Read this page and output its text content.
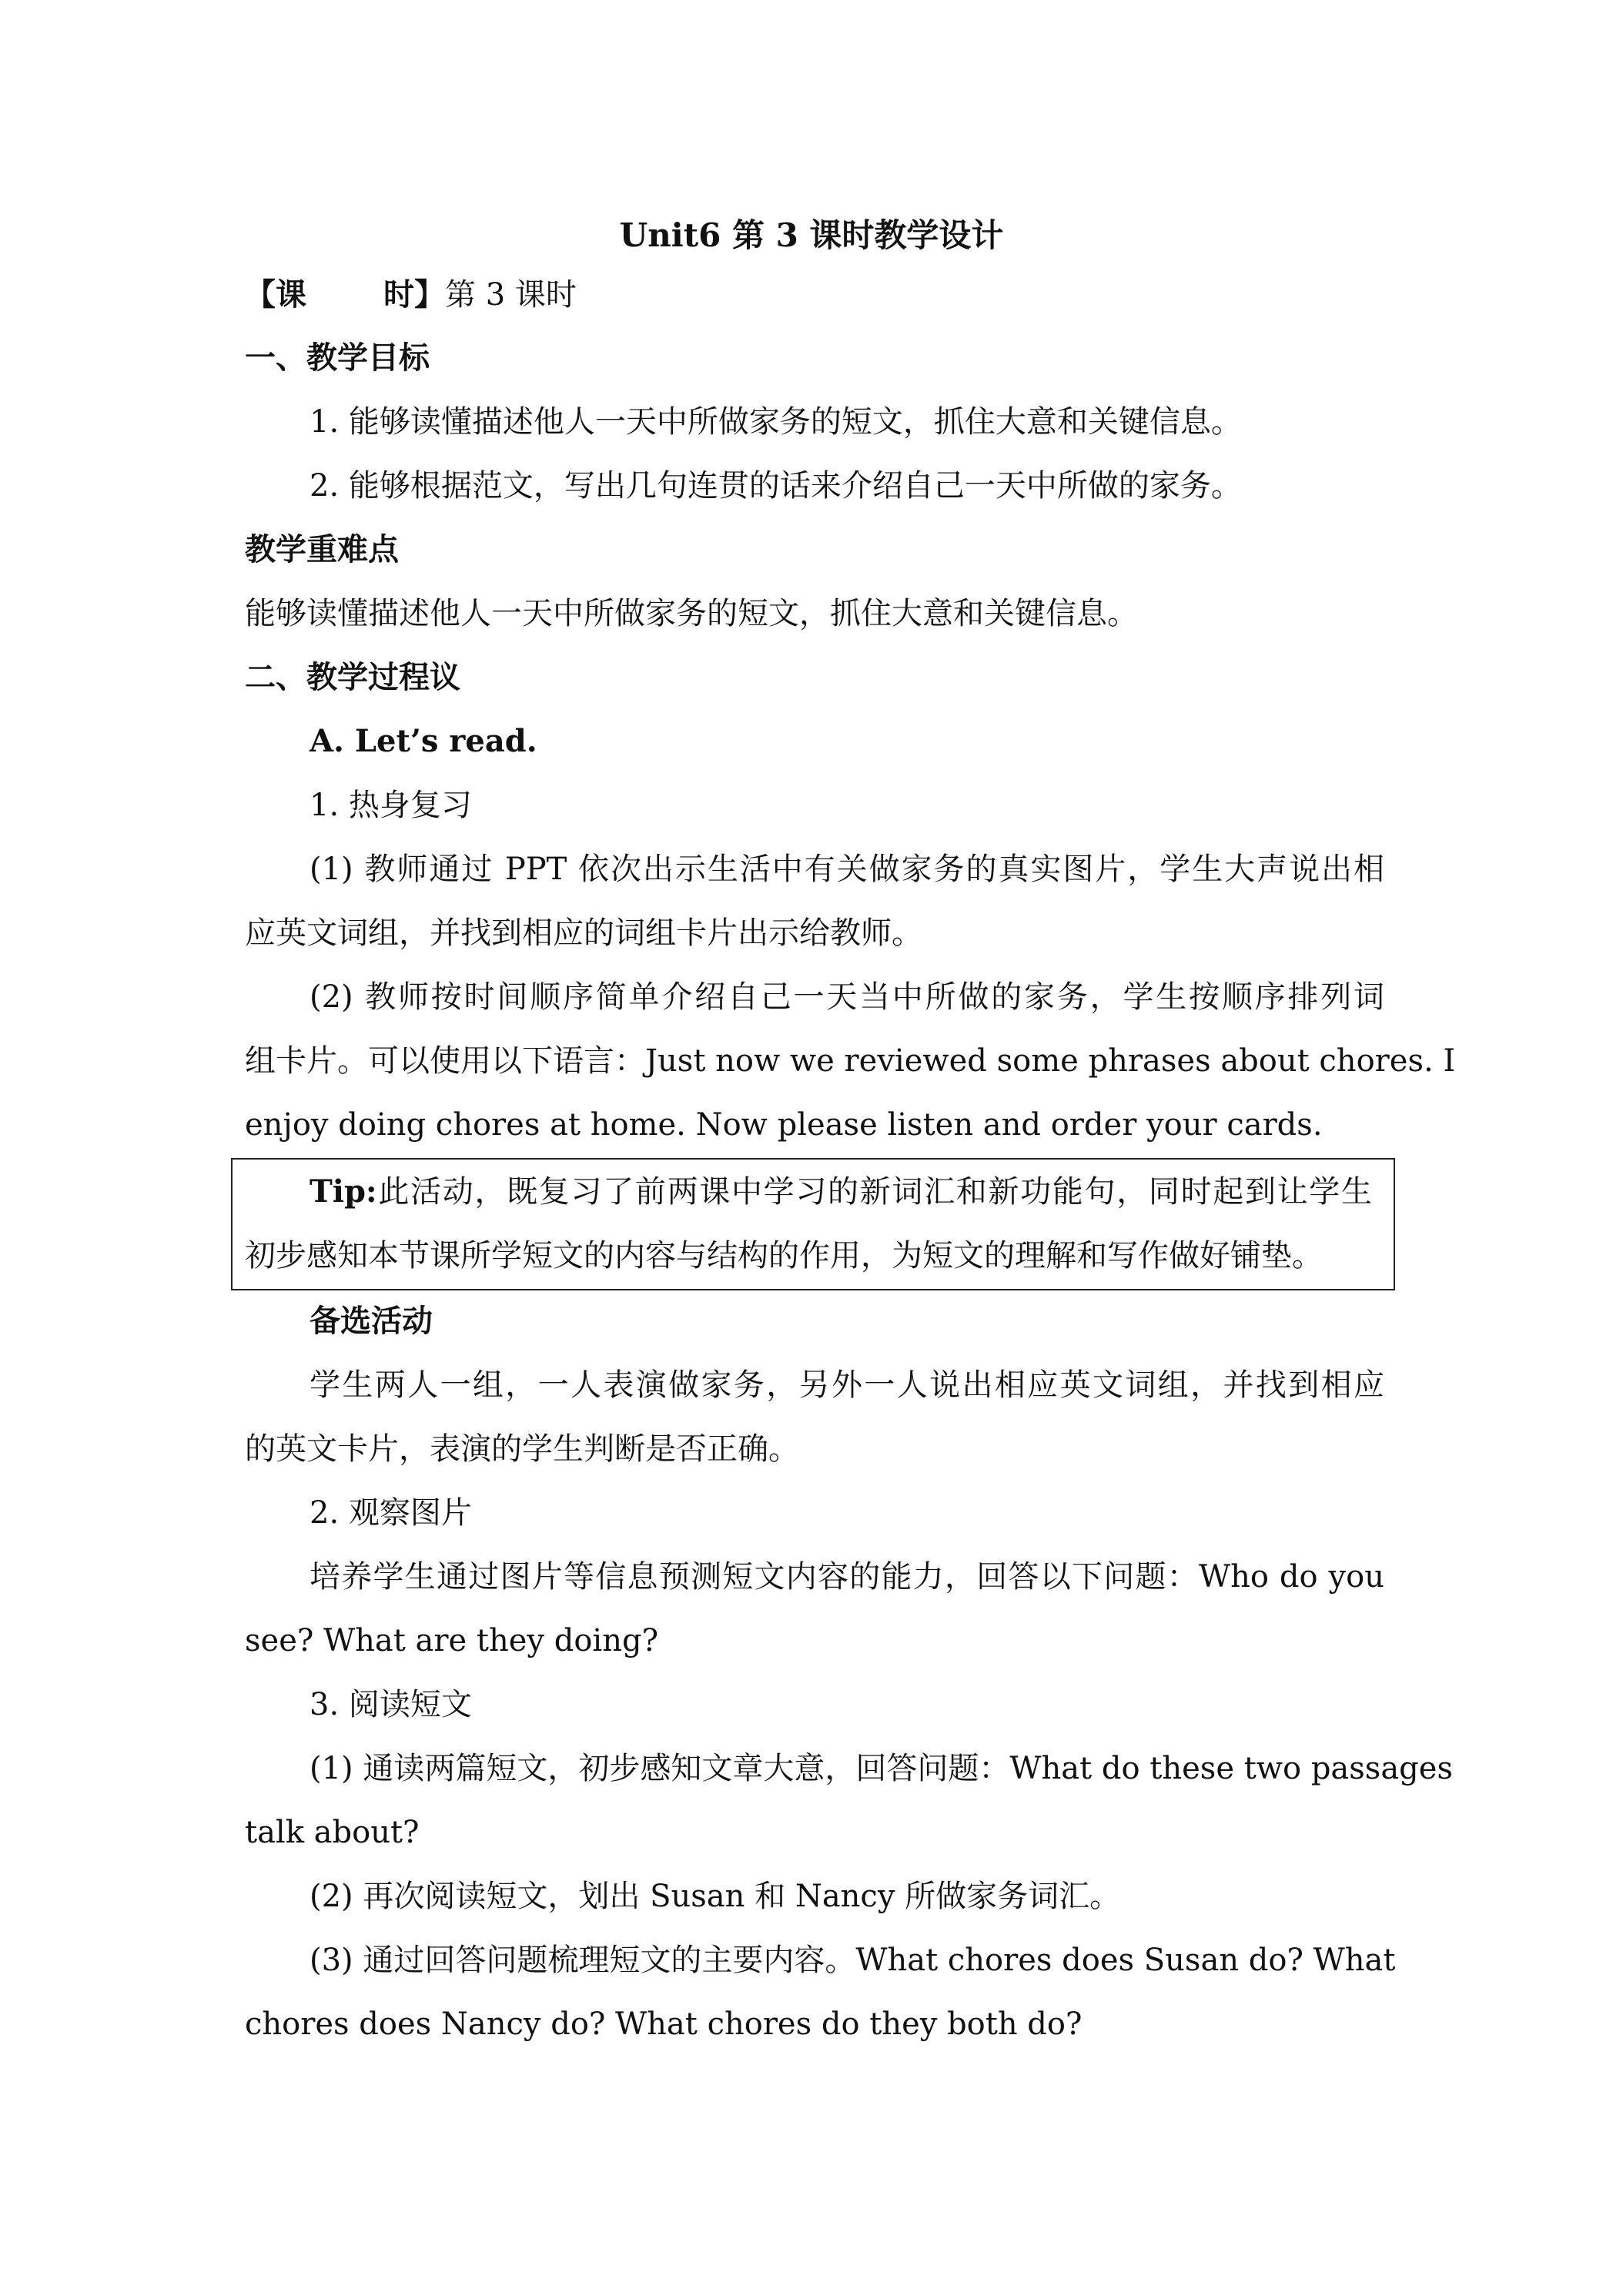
Unit6 第 3 课时教学设计
【课	时】第 3 课时
一、教学目标
1. 能够读懂描述他人一天中所做家务的短文，抓住大意和关键信息。
2. 能够根据范文，写出几句连贯的话来介绍自己一天中所做的家务。
教学重难点
能够读懂描述他人一天中所做家务的短文，抓住大意和关键信息。
二、教学过程议
A. Let’s read.
1. 热身复习
(1) 教师通过 PPT 依次出示生活中有关做家务的真实图片，学生大声说出相
应英文词组，并找到相应的词组卡片出示给教师。
(2) 教师按时间顺序简单介绍自己一天当中所做的家务，学生按顺序排列词
组卡片。可以使用以下语言：Just now we reviewed some phrases about chores. I
enjoy doing chores at home. Now please listen and order your cards.
Tip:此活动，既复习了前两课中学习的新词汇和新功能句，同时起到让学生
初步感知本节课所学短文的内容与结构的作用，为短文的理解和写作做好铺垫。
备选活动
学生两人一组，一人表演做家务，另外一人说出相应英文词组，并找到相应
的英文卡片，表演的学生判断是否正确。
2. 观察图片
培养学生通过图片等信息预测短文内容的能力，回答以下问题：Who do you
see? What are they doing?
3. 阅读短文
(1) 通读两篇短文，初步感知文章大意，回答问题：What do these two passages
talk about?
(2) 再次阅读短文，划出 Susan 和 Nancy 所做家务词汇。
(3) 通过回答问题梳理短文的主要内容。What chores does Susan do? What
chores does Nancy do? What chores do they both do?
